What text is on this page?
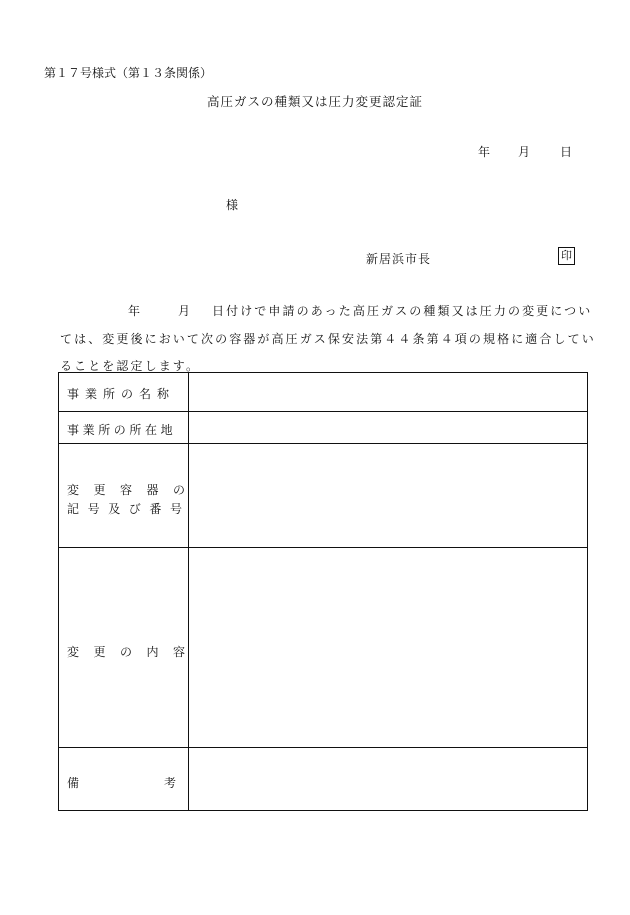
第１７号様式（第１３条関係）
高圧ガスの種類又は圧力変更認定証
年 月 日
様
新居浜市長	印
年	月 日付けで申請のあった高圧ガスの種類又は圧力の変更につい
ては、変更後において次の容器が高圧ガス保安法第４４条第４項の規格に適合してい
ることを認定します。
事業所の名称
事業所の所在地
変更容器の
記号及び番号
変更の内容
備	考
